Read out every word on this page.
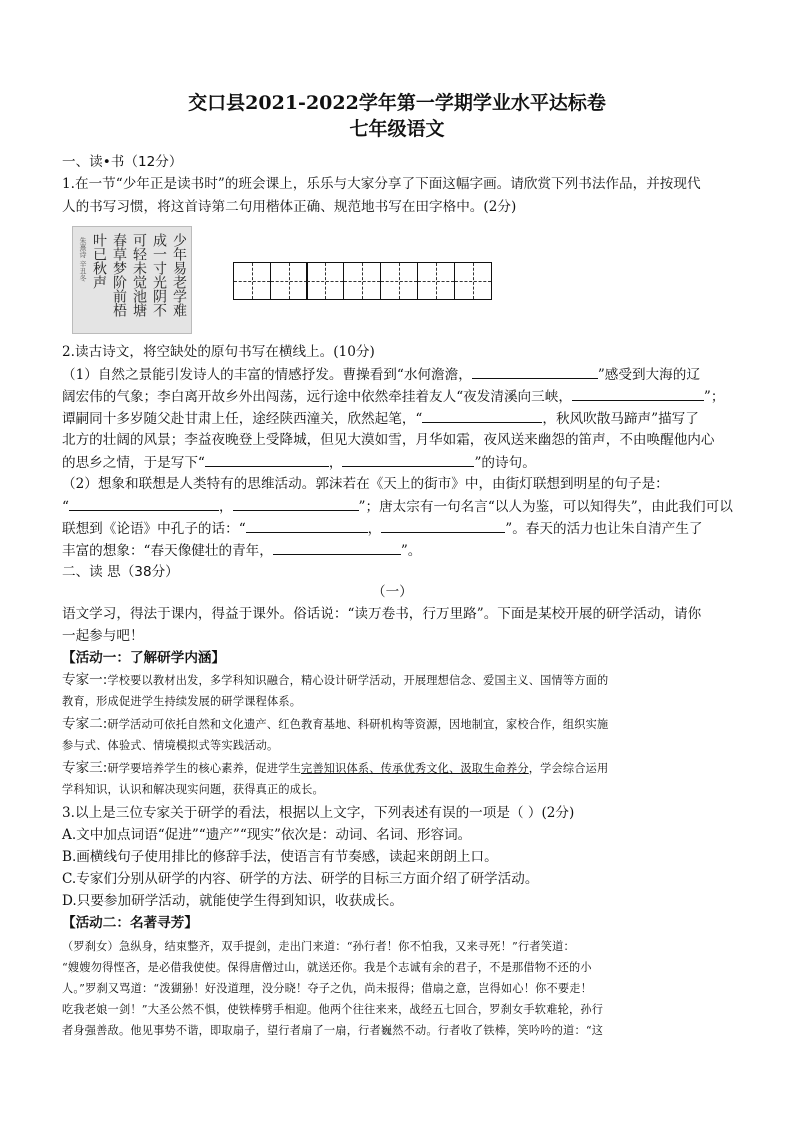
交口县2021-2022学年第一学期学业水平达标卷
七年级语文
一、读•书（12分）
1.在一节“少年正是读书时”的班会课上，乐乐与大家分享了下面这幅字画。请欣赏下列书法作品，并按现代
人的书写习惯，将这首诗第二句用楷体正确、规范地书写在田字格中。(2分)
少年易老学难
成一寸光阴不
可轻未觉池塘
春草梦阶前梧
叶已秋声
朱熹诗 辛丑冬
2.读古诗文，将空缺处的原句书写在横线上。(10分)
（1）自然之景能引发诗人的丰富的情感抒发。曹操看到“水何澹澹，	”感受到大海的辽
阔宏伟的气象；李白离开故乡外出闯荡，远行途中依然牵挂着友人“夜发清溪向三峡，	”；
谭嗣同十多岁随父赴甘肃上任，途经陕西潼关，欣然起笔，“	，秋风吹散马蹄声”描写了
北方的壮阔的风景；李益夜晚登上受降城，但见大漠如雪，月华如霜，夜风送来幽怨的笛声，不由唤醒他内心
的思乡之情，于是写下“	，	”的诗句。
（2）想象和联想是人类特有的思维活动。郭沫若在《天上的街市》中，由街灯联想到明星的句子是：
“	，	”；唐太宗有一句名言“以人为鉴，可以知得失”，由此我们可以
联想到《论语》中孔子的话：“	，	”。春天的活力也让朱自清产生了
丰富的想象：“春天像健壮的青年，	”。
二、读 思（38分）
（一）
语文学习，得法于课内，得益于课外。俗话说：“读万卷书，行万里路”。下面是某校开展的研学活动，请你
一起参与吧！
【活动一：了解研学内涵】
专家一:学校要以教材出发，多学科知识融合，精心设计研学活动，开展理想信念、爱国主义、国情等方面的
教育，形成促进学生持续发展的研学课程体系。
专家二:研学活动可依托自然和文化遗产、红色教育基地、科研机构等资源，因地制宜，家校合作，组织实施
参与式、体验式、情境模拟式等实践活动。
专家三:研学要培养学生的核心素养，促进学生完善知识体系、传承优秀文化、汲取生命养分，学会综合运用
学科知识，认识和解决现实问题，获得真正的成长。
3.以上是三位专家关于研学的看法，根据以上文字，下列表述有误的一项是（ ）(2分)
A.文中加点词语“促进”“遗产”“现实”依次是：动词、名词、形容词。
B.画横线句子使用排比的修辞手法，使语言有节奏感，读起来朗朗上口。
C.专家们分别从研学的内容、研学的方法、研学的目标三方面介绍了研学活动。
D.只要参加研学活动，就能使学生得到知识，收获成长。
【活动二：名著寻芳】
（罗刹女）急纵身，结束整齐，双手提剑，走出门来道：“孙行者！你不怕我，又来寻死！”行者笑道：
“嫂嫂勿得悭吝，是必借我使使。保得唐僧过山，就送还你。我是个志诚有余的君子，不是那借物不还的小
人。”罗刹又骂道：“泼猢狲！好没道理，没分晓！夺子之仇，尚未报得；借扇之意，岂得如心！你不要走！
吃我老娘一剑！”大圣公然不惧，使铁棒劈手相迎。他两个往往来来，战经五七回合，罗刹女手软难轮，孙行
者身强善敌。他见事势不谐，即取扇子，望行者扇了一扇，行者巍然不动。行者收了铁棒，笑吟吟的道：“这
